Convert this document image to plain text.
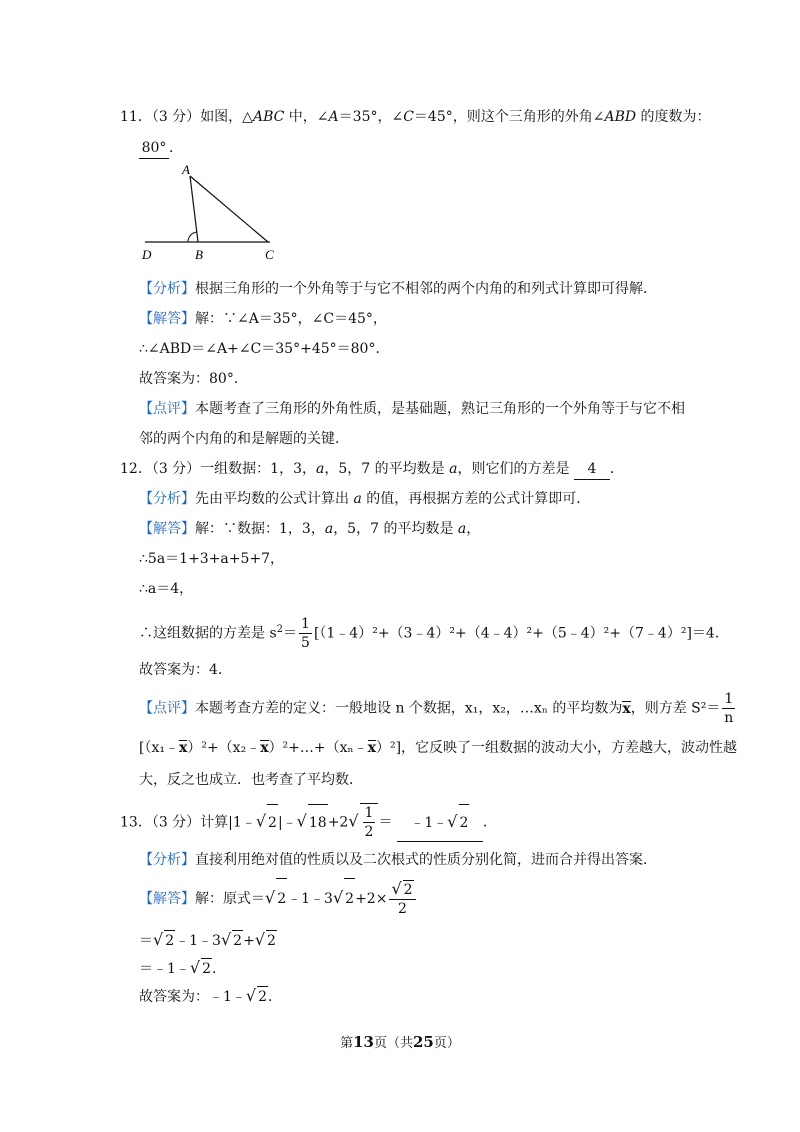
11．（3 分）如图，△ABC 中，∠A＝35°，∠C＝45°，则这个三角形的外角∠ABD 的度数为：
80° ．
A
B	C
D
【分析】根据三角形的一个外角等于与它不相邻的两个内角的和列式计算即可得解．
【解答】解：∵∠A＝35°，∠C＝45°，
∴∠ABD＝∠A+∠C＝35°+45°＝80°．
故答案为：80°．
【点评】本题考查了三角形的外角性质，是基础题，熟记三角形的一个外角等于与它不相
邻的两个内角的和是解题的关键．
12．（3 分）一组数据：1，3，a，5，7 的平均数是 a，则它们的方差是 4 ．
【分析】先由平均数的公式计算出 a 的值，再根据方差的公式计算即可．
【解答】解：∵数据：1，3，a，5，7 的平均数是 a，
∴5a＝1+3+a+5+7，
∴a＝4，
∴这组数据的方差是 $s^2= \frac{1}{5}$ [（1﹣4）²+（3﹣4）²+（4﹣4）²+（5﹣4）²+（7﹣4）²]＝4．
故答案为：4．
【点评】本题考查方差的定义：一般地设 n 个数据，x₁，x₂，…xₙ 的平均数为x，则方差 $S^2= \frac{1}{n}$
[（x₁﹣x）²+（x₂﹣x）²+…+（xₙ﹣x）²]，它反映了一组数据的波动大小，方差越大，波动性越
大，反之也成立．也考查了平均数．
13．（3 分）计算|1﹣√ 2|﹣√ $18+2√ \frac{1}{2}$ ＝ ﹣1﹣√ 2 ．
【分析】直接利用绝对值的性质以及二次根式的性质分别化简，进而合并得出答案．
【解答】解：原式＝√ 2﹣1﹣3√ $2+2\times \frac{√ 2}{2}$
＝√ 2﹣1﹣3√ 2+√ 2
＝﹣1﹣√ 2．
故答案为：﹣1﹣√ 2．
第13页（共25页）
